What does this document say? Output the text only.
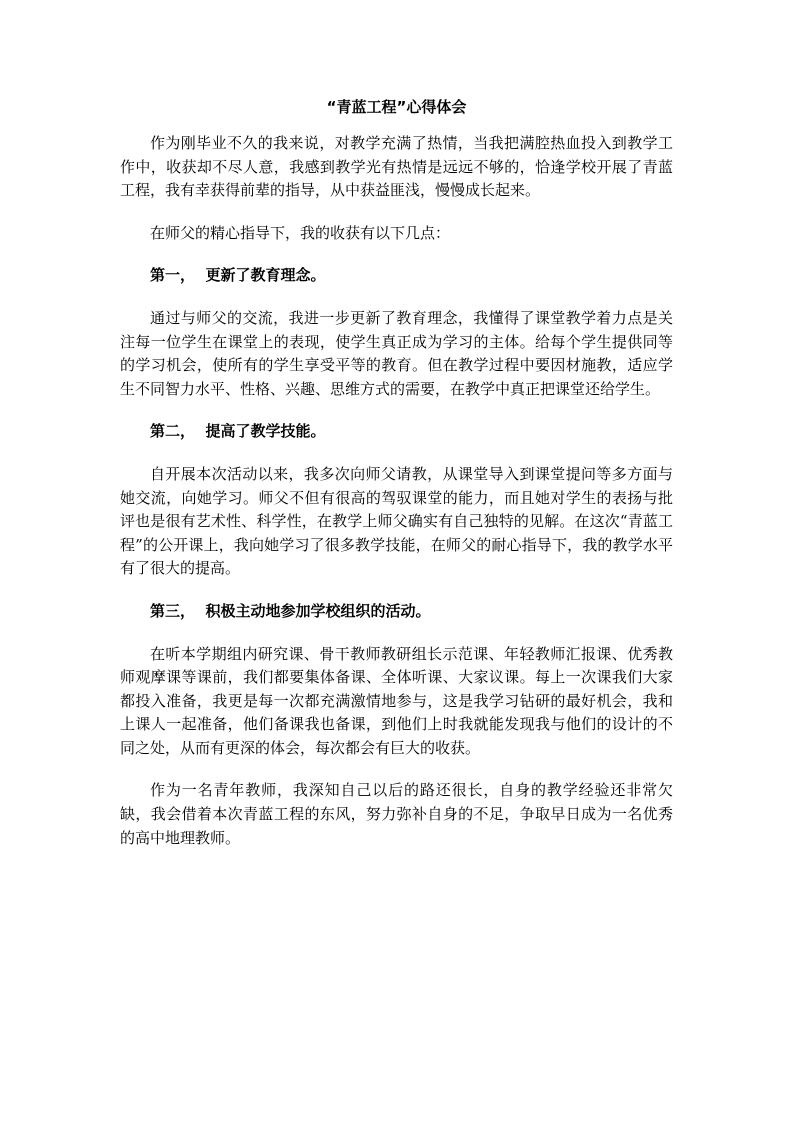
“青蓝工程”心得体会

作为刚毕业不久的我来说，对教学充满了热情，当我把满腔热血投入到教学工作中，收获却不尽人意，我感到教学光有热情是远远不够的，恰逢学校开展了青蓝工程，我有幸获得前辈的指导，从中获益匪浅，慢慢成长起来。

在师父的精心指导下，我的收获有以下几点：

第一，  更新了教育理念。

通过与师父的交流，我进一步更新了教育理念，我懂得了课堂教学着力点是关注每一位学生在课堂上的表现，使学生真正成为学习的主体。给每个学生提供同等的学习机会，使所有的学生享受平等的教育。但在教学过程中要因材施教，适应学生不同智力水平、性格、兴趣、思维方式的需要，在教学中真正把课堂还给学生。

第二，  提高了教学技能。

自开展本次活动以来，我多次向师父请教，从课堂导入到课堂提问等多方面与她交流，向她学习。师父不但有很高的驾驭课堂的能力，而且她对学生的表扬与批评也是很有艺术性、科学性，在教学上师父确实有自己独特的见解。在这次“青蓝工程”的公开课上，我向她学习了很多教学技能，在师父的耐心指导下，我的教学水平有了很大的提高。

第三，  积极主动地参加学校组织的活动。

在听本学期组内研究课、骨干教师教研组长示范课、年轻教师汇报课、优秀教师观摩课等课前，我们都要集体备课、全体听课、大家议课。每上一次课我们大家都投入准备，我更是每一次都充满激情地参与，这是我学习钻研的最好机会，我和上课人一起准备，他们备课我也备课，到他们上时我就能发现我与他们的设计的不同之处，从而有更深的体会，每次都会有巨大的收获。

作为一名青年教师，我深知自己以后的路还很长，自身的教学经验还非常欠缺，我会借着本次青蓝工程的东风，努力弥补自身的不足，争取早日成为一名优秀的高中地理教师。
